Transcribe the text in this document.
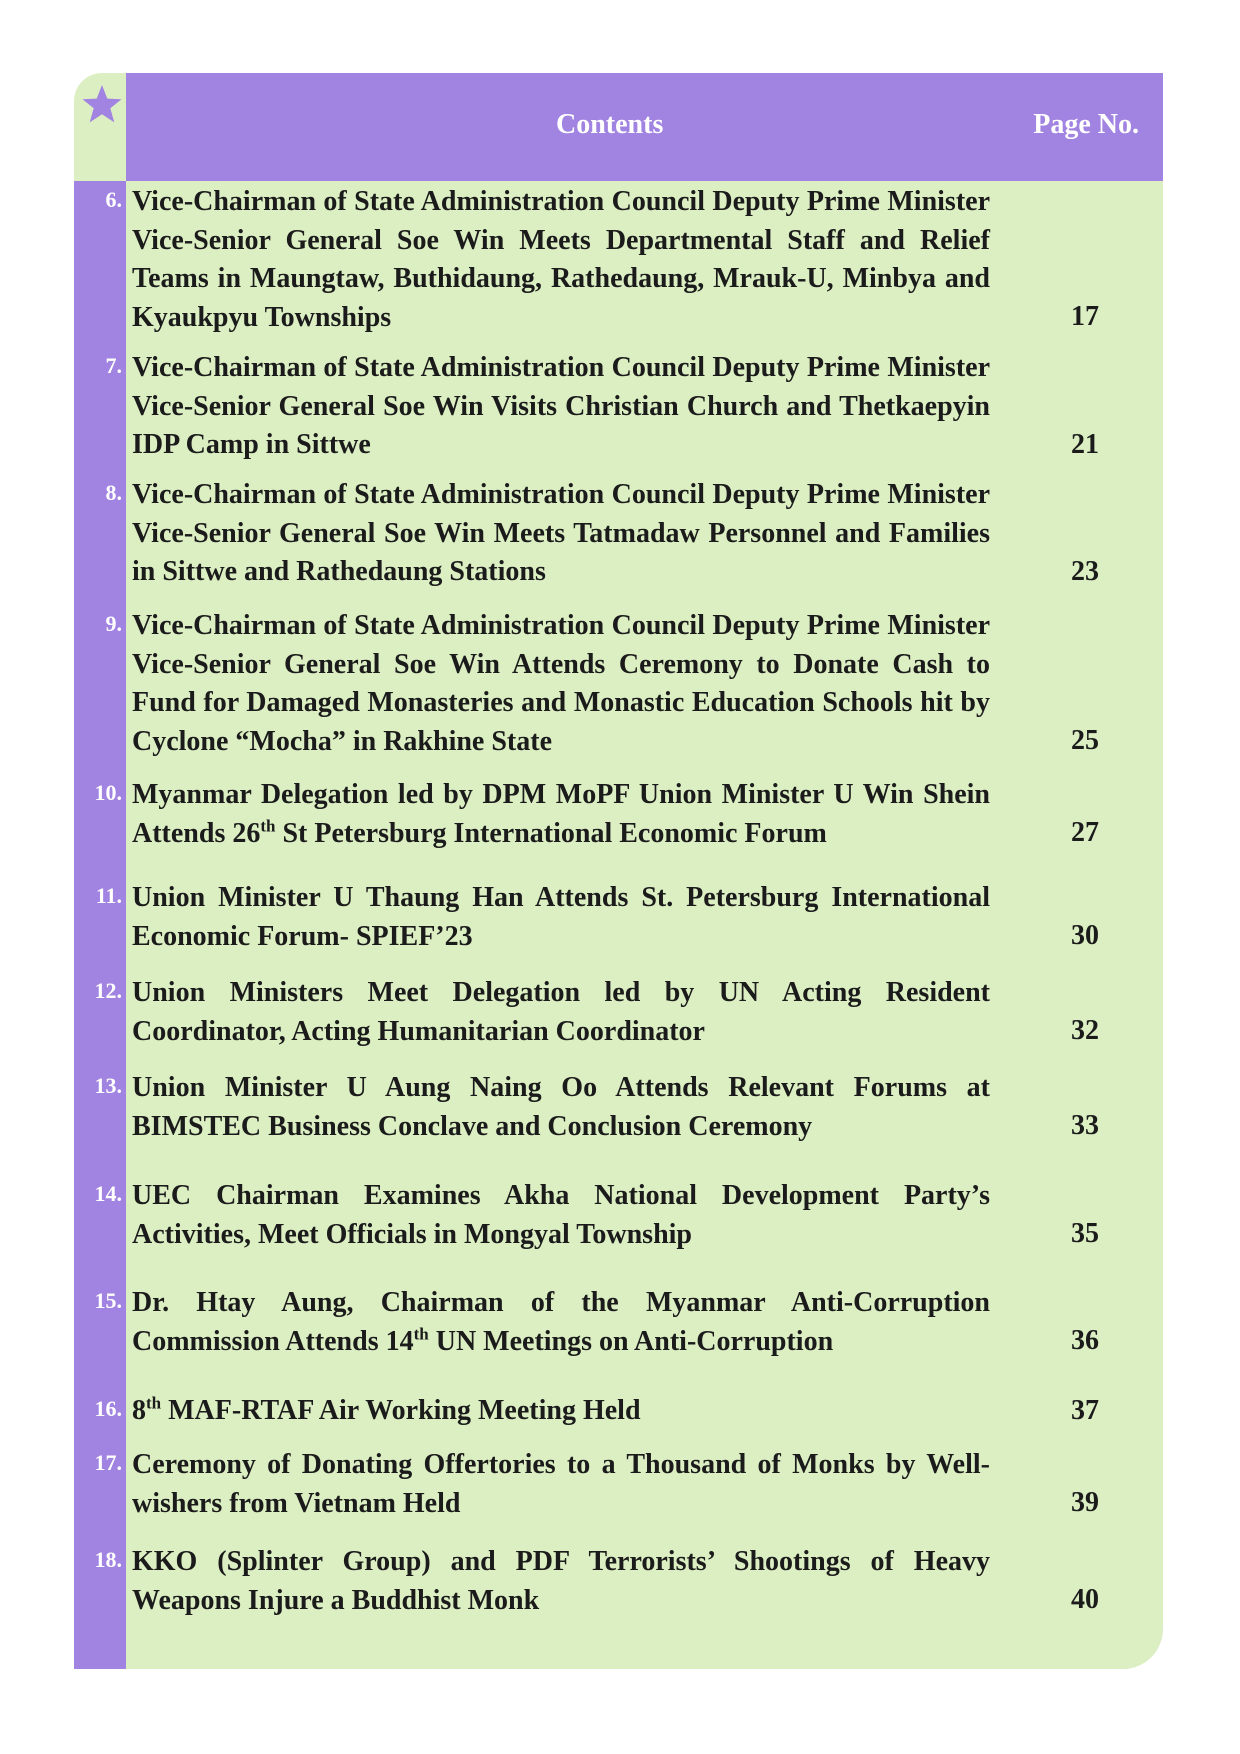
Contents	Page No.
6. Vice-Chairman of State Administration Council Deputy Prime Minister Vice-Senior General Soe Win Meets Departmental Staff and Relief Teams in Maungtaw, Buthidaung, Rathedaung, Mrauk-U, Minbya and Kyaukpyu Townships	17
7. Vice-Chairman of State Administration Council Deputy Prime Minister Vice-Senior General Soe Win Visits Christian Church and Thetkaepyin IDP Camp in Sittwe	21
8. Vice-Chairman of State Administration Council Deputy Prime Minister Vice-Senior General Soe Win Meets Tatmadaw Personnel and Families in Sittwe and Rathedaung Stations	23
9. Vice-Chairman of State Administration Council Deputy Prime Minister Vice-Senior General Soe Win Attends Ceremony to Donate Cash to Fund for Damaged Monasteries and Monastic Education Schools hit by Cyclone “Mocha” in Rakhine State	25
10. Myanmar Delegation led by DPM MoPF Union Minister U Win Shein Attends 26th St Petersburg International Economic Forum	27
11. Union Minister U Thaung Han Attends St. Petersburg International Economic Forum- SPIEF’23	30
12. Union Ministers Meet Delegation led by UN Acting Resident Coordinator, Acting Humanitarian Coordinator	32
13. Union Minister U Aung Naing Oo Attends Relevant Forums at BIMSTEC Business Conclave and Conclusion Ceremony	33
14. UEC Chairman Examines Akha National Development Party’s Activities, Meet Officials in Mongyal Township	35
15. Dr. Htay Aung, Chairman of the Myanmar Anti-Corruption Commission Attends 14th UN Meetings on Anti-Corruption	36
16. 8th MAF-RTAF Air Working Meeting Held	37
17. Ceremony of Donating Offertories to a Thousand of Monks by Well-wishers from Vietnam Held	39
18. KKO (Splinter Group) and PDF Terrorists’ Shootings of Heavy Weapons Injure a Buddhist Monk	40
